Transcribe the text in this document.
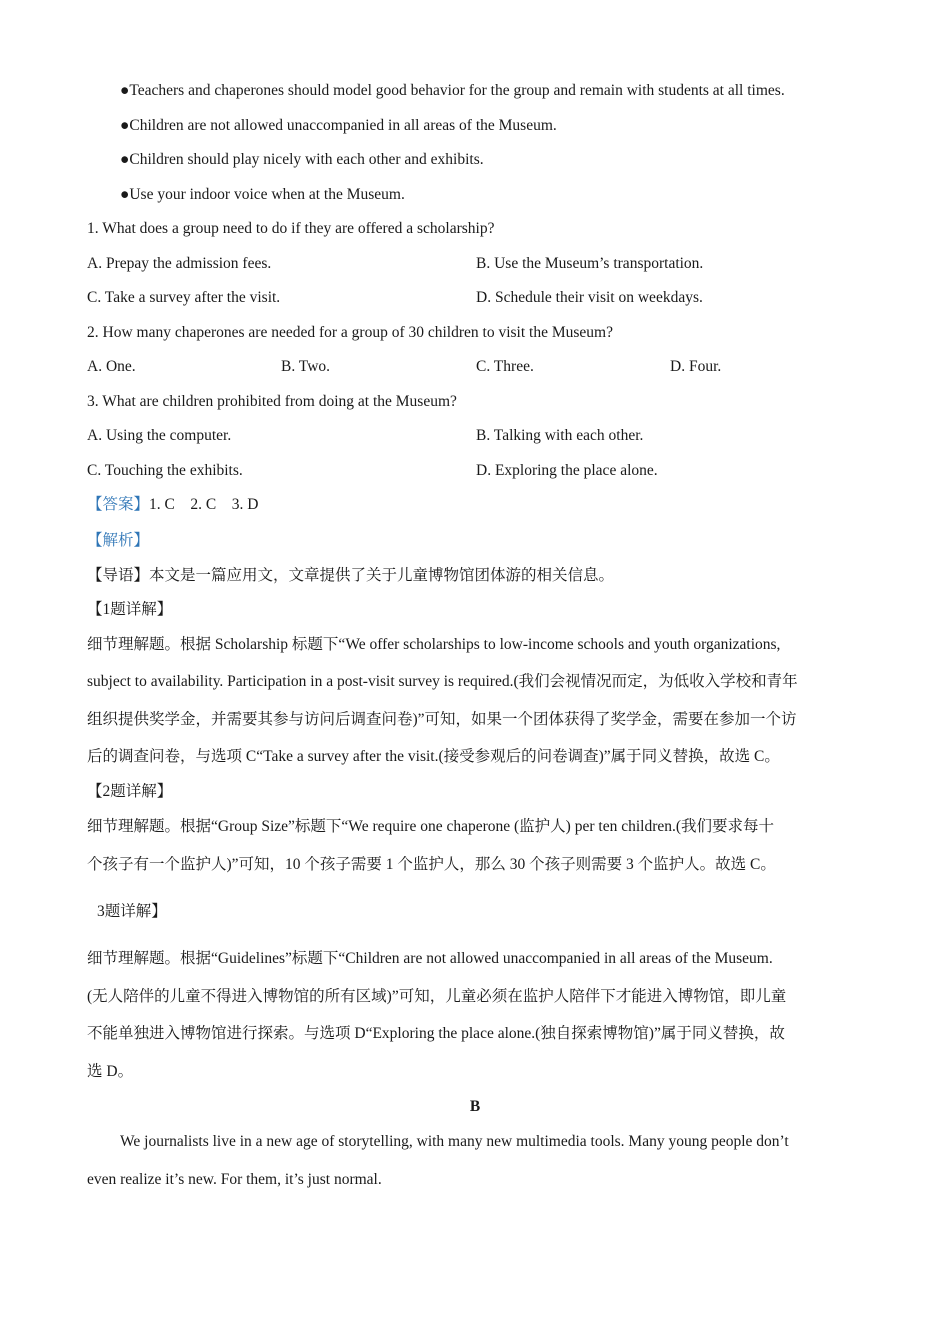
●Teachers and chaperones should model good behavior for the group and remain with students at all times.
●Children are not allowed unaccompanied in all areas of the Museum.
●Children should play nicely with each other and exhibits.
●Use your indoor voice when at the Museum.
1. What does a group need to do if they are offered a scholarship?
A. Prepay the admission fees.	B. Use the Museum’s transportation.
C. Take a survey after the visit.	D. Schedule their visit on weekdays.
2. How many chaperones are needed for a group of 30 children to visit the Museum?
A. One.	B. Two.	C. Three.	D. Four.
3. What are children prohibited from doing at the Museum?
A. Using the computer.	B. Talking with each other.
C. Touching the exhibits.	D. Exploring the place alone.
【答案】1. C    2. C    3. D
【解析】
【导语】本文是一篇应用文，文章提供了关于儿童博物馆团体游的相关信息。
【1题详解】
细节理解题。根据 Scholarship 标题下“We offer scholarships to low-income schools and youth organizations,
subject to availability. Participation in a post-visit survey is required.(我们会视情况而定，为低收入学校和青年
组织提供奖学金，并需要其参与访问后调查问卷)”可知，如果一个团体获得了奖学金，需要在参加一个访
后的调查问卷，与选项 C“Take a survey after the visit.(接受参观后的问卷调查)”属于同义替换，故选 C。
【2题详解】
细节理解题。根据“Group Size”标题下“We require one chaperone (监护人) per ten children.(我们要求每十
个孩子有一个监护人)”可知，10 个孩子需要 1 个监护人，那么 30 个孩子则需要 3 个监护人。故选 C。
3题详解】
细节理解题。根据“Guidelines”标题下“Children are not allowed unaccompanied in all areas of the Museum.
(无人陪伴的儿童不得进入博物馆的所有区域)”可知，儿童必须在监护人陪伴下才能进入博物馆，即儿童
不能单独进入博物馆进行探索。与选项 D“Exploring the place alone.(独自探索博物馆)”属于同义替换，故
选 D。
B
We journalists live in a new age of storytelling, with many new multimedia tools. Many young people don’t
even realize it’s new. For them, it’s just normal.
